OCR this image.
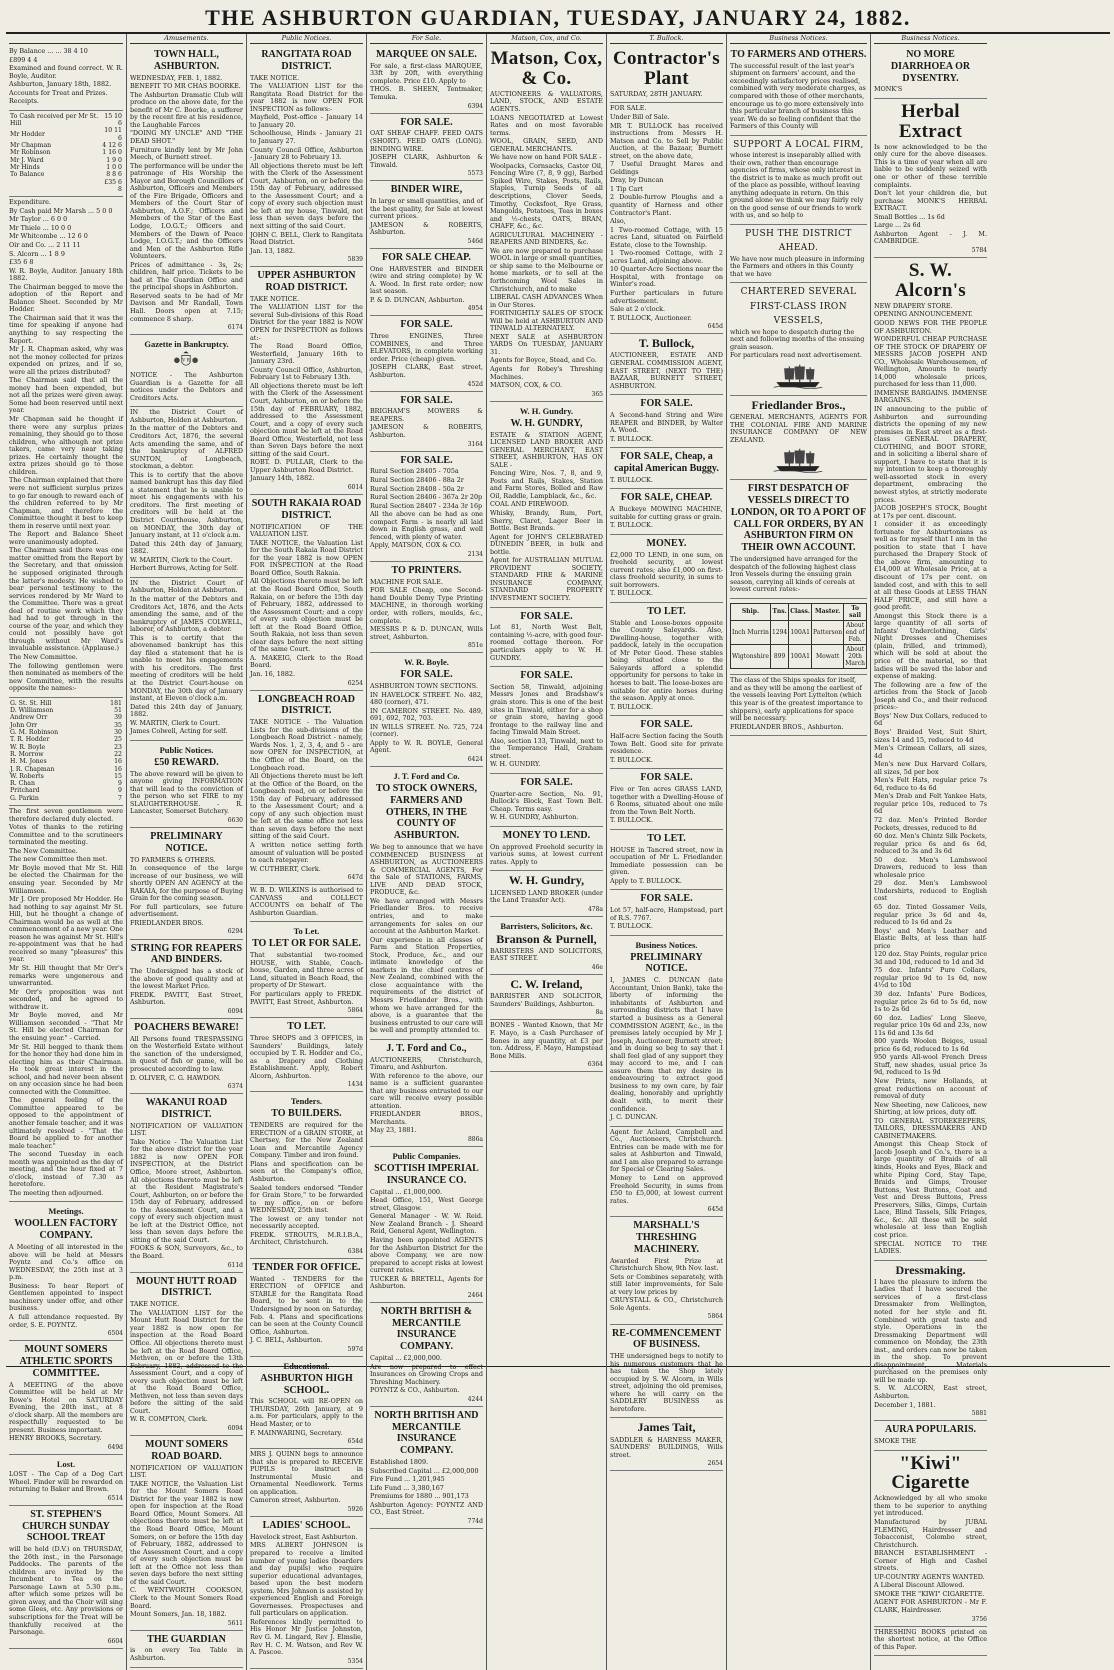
THE ASHBURTON GUARDIAN, TUESDAY, JANUARY 24, 1882.

By Balance ... ... 38 4 10

£899 4 4

Examined and found correct. W. R. Boyle, Auditor.

Ashburton, January 18th, 1882.

Accounts for Treat and Prizes.

Receipts.

To Cash received per Mr St. Hill	15 10 6
Mr Hodder	10 11 6
Mr Chapman	4 12 6
Mr Robinson	1 16 0
Mr J. Ward	1 9 0
Mr Hinds	1 0 0
To Balance	8 8 6
	£35 6 8

Expenditure.

By Cash paid Mr Marsh ... 5 0 0

Mr Taylor ... 6 0 0

Mr Thiele ... 10 0 0

Mr Whitcombe ... 12 6 0

Oir and Co. ... 2 11 11

S. Alcorn ... 1 8 9

£35 6 8

W. R. Boyle, Auditor. January 18th 1882.

The Chairman begged to move the adoption of the Report and Balance Sheet. Seconded by Mr Hodder.

The Chairman said that it was the time for speaking if anyone had anything to say respecting the Report.

Mr J. R. Chapman asked, why was not the money collected for prizes expended on prizes, and if so, were all the prizes distributed?

The Chairman said that all the money had been expended, but not all the prizes were given away. Some had been reserved until next year.

Mr Chapman said he thought if there were any surplus prizes remaining, they should go to those children, who although not prize takers, came very near taking prizes. He certainly thought the extra prizes should go to those children.

The Chairman explained that there were not sufficient surplus prizes to go far enough to reward each of the children referred to by Mr Chapman, and therefore the Committee thought it best to keep them in reserve until next year.

The Report and Balance Sheet were unanimously adopted.

The Chairman said there was one matter omitted from the Report by the Secretary, and that omission he supposed originated through the latter's modesty. He wished to bear personal testimony to the services rendered by Mr Ward to the Committee. There was a great deal of routine work which they had had to get through in the course of the year, and which they could not possibly have got through without Mr Ward's invaluable assistance. (Applause.)

The New Committee.

The following gentlemen were then nominated as members of the new Committee, with the results opposite the names:-

G. St. St. Hill	181
D. Williamson	51
Andrew Orr	39
John Orr	35
G. M. Robinson	30
T. R. Hodder	25
W. R. Boyle	23
R. Morrow	22
H. M. Jones	16
J. R. Chapman	16
W. Roberts	15
R. Chan	9
Pritchard	9
G. Parkin	7

The first seven gentlemen were therefore declared duly elected.

Votes of thanks to the retiring Committee and to the scrutineers terminated the meeting.

The New Committee.

The new Committee then met.

Mr Boyle moved that Mr St. Hill be elected the Chairman for the ensuing year. Seconded by Mr Williamson.

Mr J. Orr proposed Mr Hodder. He had nothing to say against Mr St. Hill, but he thought a change of Chairman would be as well at the commencement of a new year. One reason he was against Mr St. Hill's re-appointment was that he had received so many "pleasures" this year.

Mr St. Hill thought that Mr Orr's remarks were ungenerous and unwarranted.

Mr Orr's proposition was not seconded, and he agreed to withdraw it.

Mr Boyle moved, and Mr Williamson seconded - "That Mr St. Hill be elected Chairman for the ensuing year." - Carried.

Mr St. Hill begged to thank them for the honor they had done him in electing him as their Chairman. He took great interest in the school, and had never been absent on any occasion since he had been connected with the Committee.

The general feeling of the Committee appeared to be opposed to the appointment of another female teacher, and it was ultimately resolved - "That the Board be applied to for another male teacher."

The second Tuesday in each month was appointed as the day of meeting, and the hour fixed at 7 o'clock, instead of 7.30 as heretofore.

The meeting then adjourned.

Meetings.
WOOLLEN FACTORY COMPANY.

A Meeting of all interested in the above will be held at Messrs Poyntz and Co.'s office on WEDNESDAY, the 25th inst at 3 p.m.

Business: To hear Report of Gentlemen appointed to inspect machinery under offer, and other business.

A full attendance requested. By order, S. E. POYNTZ.

6504
MOUNT SOMERS ATHLETIC SPORTS COMMITTEE.

A MEETING of the above Committee will be held at Mr Rowe's Hotel on SATURDAY Evening, the 28th inst., at 8 o'clock sharp. All the members are respectfully requested to be present. Business important.

HENRY BROOKS, Secretary.

649d
Lost.

LOST - The Cap of a Dog Cart Wheel. Finder will be rewarded on returning to Baker and Brown.

6514
ST. STEPHEN'S CHURCH SUNDAY SCHOOL TREAT

will be held (D.V.) on THURSDAY, the 26th inst., in the Parsonage Paddocks. The parents of the children are invited by the Incumbent to Tea on the Parsonage Lawn at 5.30 p.m., after which some prizes will be given away, and the Choir will sing some Glees, etc. Any provisions or subscriptions for the Treat will be thankfully received at the Parsonage.

6604
Amusements.
TOWN HALL, ASHBURTON.

WEDNESDAY, FEB. 1, 1882.

BENEFIT TO MR CHAS BOORKE.

The Ashburton Dramatic Club will produce on the above date, for the benefit of Mr C. Boorke, a sufferer by the recent fire at his residence, the Laughable Farces

"DOING MY UNCLE" AND "THE DEAD SHOT."

Furniture kindly lent by Mr John Meech, of Burnett street.

The performance will be under the patronage of His Worship the Mayor and Borough Councillors of Ashburton, Officers and Members of the Fire Brigade, Officers and Members of the Court Star of Ashburton, A.O.F.; Officers and Members of the Star of the East Lodge, I.O.G.T.; Officers and Members of the Dawn of Peace Lodge, I.O.G.T.; and the Officers and Men of the Ashburton Rifle Volunteers.

Prices of admittance - 3s, 2s; children, half price. Tickets to be had at The Guardian Office and the principal shops in Ashburton.

Reserved seats to be had of Mr Davison and Mr Randall, Town Hall. Doors open at 7.15; commence 8 sharp.

6174
Gazette in Bankruptcy.
V R

NOTICE - The Ashburton Guardian is a Gazette for all notices under the Debtors and Creditors Acts.

IN the District Court of Ashburton, Holden at Ashburton.

In the matter of the Debtors and Creditors Act, 1876, the several Acts amending the same, and of the bankruptcy of ALFRED SUNTON, of Longbeach, stockman, a debtor.

This is to certify that the above named bankrupt has this day filed a statement that he is unable to meet his engagements with his creditors. The first meeting of creditors will be held at the District Courthouse, Ashburton, on MONDAY, the 30th day of January instant, at 11 o'clock a.m.

Dated this 24th day of January, 1882.

W. MARTIN, Clerk to the Court.

Herbert Burrows, Acting for Self.

IN the District Court of Ashburton, Holden at Ashburton.

In the matter of the Debtors and Creditors Act, 1876, and the Acts amending the same, and of the bankruptcy of JAMES COLWELL, laborer, of Ashburton, a debtor.

This is to certify that the abovenamed bankrupt has this day filed a statement that he is unable to meet his engagements with his creditors. The first meeting of creditors will be held at the District Court-house on MONDAY, the 30th day of January instant, at Eleven o'clock a.m.

Dated this 24th day of January, 1882.

W. MARTIN, Clerk to Court.

James Colwell, Acting for self.

Public Notices.
£50 REWARD.

The above reward will be given to anyone giving INFORMATION that will lead to the conviction of the person who set FIRE to my SLAUGHTERHOUSE. - R. Lancaster, Somerset Butchery.

6630
PRELIMINARY NOTICE.

TO FARMERS & OTHERS.

In consequence of the large increase of our business, we will shortly OPEN AN AGENCY at the RAKAIA, for the purpose of Buying Grain for the coming season.

For full particulars, see future advertisement.

FRIEDLANDER BROS.

6294
STRING FOR REAPERS AND BINDERS.

The Undersigned has a stock of the above of good quality and at the lowest Market Price.

FREDK. PAVITT, East Street, Ashburton.

6094
POACHERS BEWARE!

All Persons found TRESPASSING on the Westerfield Estate without the sanction of the undersigned, in quest of fish or game, will be prosecuted according to law.

D. OLIVER, C. G. HAWDON.

6374
WAKANUI ROAD DISTRICT.

NOTIFICATION OF VALUATION LIST.

Take Notice - The Valuation List for the above district for the year 1882 is now OPEN FOR INSPECTION, at the District Office, Moore street, Ashburton. All objections thereto must be left at the Resident Magistrate's Court, Ashburton, on or before the 15th day of February, addressed to the Assessment Court, and a copy of every such objection must be left at the District Office, not less than seven days before the sitting of the said Court.

FOOKS & SON, Surveyors, &c., to the Board.

611d
MOUNT HUTT ROAD DISTRICT.

TAKE NOTICE.

The VALUATION LIST for the Mount Hutt Road District for the year 1882 is now open for inspection at the Road Board Office. All objections thereto must be left at the Road Board Office, Methven, on or before the 13th February, 1882, addressed to the Assessment Court, and a copy of every such objection must be left at the Road Board Office, Methven, not less than seven days before the sitting of the said Court.

W. R. COMPTON, Clerk.

6094
MOUNT SOMERS ROAD BOARD.

NOTIFICATION OF VALUATION LIST.

TAKE NOTICE, the Valuation List for the Mount Somers Road District for the year 1882 is now open for inspection at the Road Board Office, Mount Somers. All objections thereto must be left at the Road Board Office, Mount Somers, on or before the 15th day of February, 1882, addressed to the Assessment Court, and a copy of every such objection must be left at the Office not less than seven days before the next sitting of the said Court.

C. WENTWORTH COOKSON, Clerk to the Mount Somers Road Board.

Mount Somers, Jan. 18, 1882.

5611
THE GUARDIAN

is on every Tea Table in Ashburton.

Public Notices.
RANGITATA ROAD DISTRICT.

TAKE NOTICE.

The VALUATION LIST for the Rangitata Road District for the year 1882 is now OPEN FOR INSPECTION as follows:-

Mayfield, Post-office - January 14 to January 20.

Schoolhouse, Hinds - January 21 to January 27.

County Council Office, Ashburton - January 28 to February 13.

All objections thereto must be left with the Clerk of the Assessment Court, Ashburton, on or before the 15th day of February, addressed to the Assessment Court; and a copy of every such objection must be left at my house, Tinwald, not less than seven days before the next sitting of the said Court.

JOHN C. BELL, Clerk to Rangitata Road District.

Jan. 13, 1882.

5839
UPPER ASHBURTON ROAD DISTRICT.

TAKE NOTICE.

The VALUATION LIST for the several Sub-divisions of this Road District for the year 1882 is NOW OPEN for INSPECTION as follows at:-

The Road Board Office, Westerfield, January 16th to January 23rd.

County Council Office, Ashburton, February 1st to February 13th.

All objections thereto must be left with the Clerk of the Assessment Court, Ashburton, on or before the 15th day of FEBRUARY, 1882, addressed to the Assessment Court, and a copy of every such objection must be left at the Road Board Office, Westerfield, not less than Seven Days before the next sitting of the said Court.

ROBT. D. PULLAR, Clerk to the Upper Ashburton Road District.

January 14th, 1882.

6014
SOUTH RAKAIA ROAD DISTRICT.

NOTIFICATION OF THE VALUATION LIST.

TAKE NOTICE, the Valuation List for the South Rakaia Road District for the year 1882 is now OPEN FOR INSPECTION at the Road Board Office, South Rakaia.

All Objections thereto must be left at the Road Board Office, South Rakaia, on or before the 15th day of February, 1882, addressed to the Assessment Court; and a copy of every such objection must be left at the Road Board Office, South Rakaia, not less than seven clear days before the next sitting of the same Court.

A. MAKEIG, Clerk to the Road Board.

Jan. 16, 1882.

6254
LONGBEACH ROAD DISTRICT.

TAKE NOTICE - The Valuation Lists for the sub-divisions of the Longbeach Road District - namely, Wards Nos. 1, 2, 3, 4, and 5 - are now OPEN for INSPECTION, at the Office of the Board, on the Longbeach road.

All Objections thereto must be left at the Office of the Board, on the Longbeach road, on or before the 15th day of February, addressed to the Assessment Court; and a copy of any such objection must be left at the same office not less than seven days before the next sitting of the said Court.

A written notice setting forth amount of valuation will be posted to each ratepayer.

W. CUTHBERT, Clerk.

647d

W. B. D. WILKINS is authorised to CANVASS and COLLECT ACCOUNTS on behalf of The Ashburton Guardian.

To Let.
TO LET OR FOR SALE.

That substantial two-roomed HOUSE, with Stable, Coach-house, Garden, and three acres of Land, situated in Beach Road, the property of Dr Stewart.

For particulars apply to FREDK. PAVITT, East Street, Ashburton.

5864
TO LET.

Three SHOPS and 3 OFFICES, in Saunders' Buildings, lately occupied by T. R. Hodder and Co., as a Drapery and Clothing Establishment. Apply, Robert Alcorn, Ashburton.

1434
Tenders.
TO BUILDERS.

TENDERS are required for the ERECTION of a GRAIN STORE, at Chertsey, for the New Zealand Loan and Mercantile Agency Company. Timber and iron found.

Plans and specification can be seen at the Company's office, Ashburton.

Sealed tenders endorsed "Tender for Grain Store," to be forwarded to my office, on or before WEDNESDAY, 25th inst.

The lowest or any tender not necessarily accepted.

FREDK. STROUTS, M.R.I.B.A., Architect, Christchurch.

6384
TENDER FOR OFFICE.

Wanted - TENDERS for the ERECTION of OFFICE and STABLE for the Rangitata Road Board, to be sent in to the Undersigned by noon on Saturday, Feb. 4. Plans and specifications can be seen at the County Council Office, Ashburton.

J. C. BELL, Ashburton.

597d
Educational.
ASHBURTON HIGH SCHOOL.

This SCHOOL will RE-OPEN on THURSDAY, 26th January, at 9 a.m. For particulars, apply to the Head Master, or to

F. MAINWARING, Secretary.

654d

MRS J. QUINN begs to announce that she is prepared to RECEIVE PUPILS to instruct in Instrumental Music and Ornamental Needlework. Terms on application.

Cameron street, Ashburton.

5926
LADIES' SCHOOL.

Havelock street, East Ashburton.

MRS ALBERT JOHNSON is prepared to receive a limited number of young ladies (boarders and day pupils) who require superior educational advantages, based upon the best modern system. Mrs Johnson is assisted by experienced English and Foreign Governesses. Prospectuses and full particulars on application.

References kindly permitted to His Honor Mr Justice Johnston, Rev G. M. Lingard, Rev J. Elmslie, Rev H. C. M. Watson, and Rev W. A. Pascoe.

5354
For Sale.
MARQUEE ON SALE.

For sale, a first-class MARQUEE, 33ft by 20ft, with everything complete. Price £10. Apply to

THOS. B. SHEEN, Tentmaker, Temuka.

6394
FOR SALE.

OAT SHEAF CHAFF. FEED OATS (SHORT). FEED OATS (LONG). BINDING WIRE.

JOSEPH CLARK, Ashburton & Tinwald.

5573
BINDER WIRE,

In large or small quantities, and of the best quality, for Sale at lowest current prices.

JAMESON & ROBERTS, Ashburton.

546d
FOR SALE CHEAP.

One HARVESTER and BINDER (wire and string complete) by W. A. Wood. In first rate order; now last season.

P. & D. DUNCAN, Ashburton.

4954
FOR SALE.

Three ENGINES, Three COMBINES, and Three ELEVATORS, in complete working order. Price (cheap) given.

JOSEPH CLARK, East street, Ashburton.

452d
FOR SALE.

BRIGHAM'S MOWERS & REAPERS.

JAMESON & ROBERTS, Ashburton.

3164
FOR SALE.

Rural Section 28405 - 705a

Rural Section 28406 - 88a 2r

Rural Section 28408 - 50a 2r

Rural Section 28406 - 367a 2r 20p

Rural Section 28407 - 234a 3r 16p

All the above can be had as one compact Farm - is nearly all laid down in English grass, and well fenced, with plenty of water.

Apply, MATSON, COX & CO.

2134
TO PRINTERS.

MACHINE FOR SALE.

FOR SALE Cheap, one Second-hand Double Demy Type Printing MACHINE, in thorough working order, with rollers, moulds, &c., complete.

MESSRS P. & D. DUNCAN, Wills street, Ashburton.

851e
W. R. Boyle.
FOR SALE.

ASHBURTON TOWN SECTIONS.

IN HAVELOCK STREET. No. 482, 480 (corner), 471.

IN CAMERON STREET. No. 489, 691, 692, 702, 703.

IN WILLS STREET. No. 725, 724 (corner).

Apply to W. R. BOYLE, General Agent.

6424
J. T. Ford and Co.
TO STOCK OWNERS, FARMERS AND OTHERS, IN THE COUNTY OF ASHBURTON.

We beg to announce that we have COMMENCED BUSINESS at ASHBURTON, as AUCTIONEERS & COMMERCIAL AGENTS, For the Sale of STATIONS, FARMS, LIVE AND DEAD STOCK, PRODUCE, &c.

We have arranged with Messrs Friedlander Bros. to receive entries, and to make arrangements for sales on our account at the Ashburton Market.

Our experience in all classes of Farm and Station Properties, Stock, Produce, &c., and our intimate knowledge of the markets in the chief centres of New Zealand, combined with the close acquaintance with the requirements of the district of Messrs Friedlander Bros., with whom we have arranged for the above, is a guarantee that the business entrusted to our care will be well and promptly attended to.

J. T. Ford and Co.,

AUCTIONEERS, Christchurch, Timaru, and Ashburton.

With reference to the above, our name is a sufficient guarantee that any business entrusted to our care will receive every possible attention.

FRIEDLANDER BROS., Merchants.

May 23, 1881.

886a
Public Companies.
SCOTTISH IMPERIAL INSURANCE CO.

Capital ... £1,000,000.

Head Office, 151, West George street, Glasgow.

General Manager - W. W. Reid. New Zealand Branch - J. Sheard Reid, General Agent, Wellington.

Having been appointed AGENTS for the Ashburton District for the above Company, we are now prepared to accept risks at lowest current rates.

TUCKER & BRETELL, Agents for Ashburton.

2464
NORTH BRITISH & MERCANTILE INSURANCE COMPANY.

Capital ... £2,000,000.

Are now prepared to effect Insurances on Growing Crops and Threshing Machinery.

POYNTZ & CO., Ashburton.

4244
NORTH BRITISH AND MERCANTILE INSURANCE COMPANY.

Established 1809.

Subscribed Capital ... £2,000,000

Fire Fund ... 1,201,945

Life Fund ... 3,380,167

Premiums for 1880 ... 901,173

Ashburton Agency: POYNTZ AND CO., East Street.

774d
Matson, Cox, and Co.
Matson, Cox, & Co.

AUCTIONEERS & VALUATORS, LAND, STOCK, AND ESTATE AGENTS.

LOANS NEGOTIATED at Lowest Rates and on most favorable terms.

WOOL, GRAIN, SEED, AND GENERAL MERCHANTS.

We have now on hand FOR SALE -

Woolpacks, Cornsacks, Castor Oil, Fencing Wire (7, 8, 9 gg), Barbed Spiked Wire, Stakes, Posts, Rails, Staples, Turnip Seeds of all descriptions, Clover Seeds, Timothy, Cocksfoot, Rye Grass, Mangolds, Potatoes, Teas in boxes and ½-chests, OATS, BRAN, CHAFF, &c., &c.

AGRICULTURAL MACHINERY - REAPERS AND BINDERS, &c.

We are now prepared to purchase WOOL in large or small quantities, or ship same to the Melbourne or home markets, or to sell at the forthcoming Wool Sales in Christchurch, and to make

LIBERAL CASH ADVANCES When in Our Stores.

FORTNIGHTLY SALES OF STOCK Will be held at ASHBURTON AND TINWALD ALTERNATELY.

NEXT SALE at ASHBURTON YARDS On TUESDAY, JANUARY 31.

Agents for Boyce, Stead, and Co.

Agents for Robey's Threshing Machines.

MATSON, COX, & CO.

365
W. H. Gundry.
W. H. GUNDRY,

ESTATE & STATION AGENT, LICENSED LAND BROKER AND GENERAL MERCHANT, EAST STREET, ASHBURTON, HAS ON SALE -

Fencing Wire, Nos. 7, 8, and 9, Posts and Rails, Stakes, Station and Farm Stores, Bolled and Raw Oil, Raddle, Lampblack, &c., &c.

COAL AND FIREWOOD.

Whisky, Brandy, Rum, Port, Sherry, Claret, Lager Beer in Bottle. Best Brands.

Agent for JOHN'S CELEBRATED DUNEDIN BEER, in bulk and bottle.

Agent for AUSTRALIAN MUTUAL PROVIDENT SOCIETY, STANDARD FIRE & MARINE INSURANCE COMPANY, STANDARD PROPERTY INVESTMENT SOCIETY.

FOR SALE.

Lot 81, North West Belt, containing ½-acre, with good four-roomed cottage thereon. For particulars apply to W. H. GUNDRY.

FOR SALE.

Section 58, Tinwald, adjoining Messrs Jones and Bradshaw's grain store. This is one of the best sites in Tinwald, either for a shop or grain store, having good frontage to the railway line and facing Tinwald Main Street.

Also, section 133, Tinwald, next to the Temperance Hall, Graham street.

W. H. GUNDRY.

FOR SALE.

Quarter-acre Section, No. 91, Bullock's Block, East Town Belt. Cheap. Terms easy.

W. H. GUNDRY, Ashburton.

MONEY TO LEND.

On approved Freehold security in various sums, at lowest current rates. Apply to

W. H. Gundry,

LICENSED LAND BROKER (under the Land Transfer Act).

478a
Barristers, Solicitors, &c.
Branson & Purnell,

BARRISTERS AND SOLICITORS, EAST STREET.

46e
C. W. Ireland,

BARRISTER AND SOLICITOR, Saunders' Buildings, Ashburton.

8a

BONES - Wanted Known, that Mr F. Mayo, is a Cash Purchaser of Bones in any quantity, at £3 per ton. Address, F. Mayo, Hampstead Bone Mills.

6364
T. Bullock.
Contractor's Plant

SATURDAY, 28TH JANUARY.

FOR SALE.

Under Bill of Sale.

MR T. BULLOCK has received instructions from Messrs H. Matson and Co. to Sell by Public Auction, at the Bazaar, Burnett street, on the above date,

7 Useful Draught Mares and Geldings

Dray, by Duncan

1 Tip Cart

2 Double-furrow Ploughs and a quantity of Harness and other Contractor's Plant.

Also,

1 Two-roomed Cottage, with 15 acres Land, situated on Fairfield Estate, close to the Township.

1 Two-roomed Cottage, with 2 acres Land, adjoining above.

10 Quarter-Acre Sections near the Hospital, with frontage on Winter's road.

Further particulars in future advertisement.

Sale at 2 o'clock.

T. BULLOCK, Auctioneer.

645d
T. Bullock,

AUCTIONEER, ESTATE AND GENERAL COMMISSION AGENT, EAST STREET, (NEXT TO THE) BAZAAR, BURNETT STREET, ASHBURTON.

FOR SALE.

A Second-hand String and Wire REAPER and BINDER, by Walter A. Wood.

T. BULLOCK.

FOR SALE, Cheap, a capital American Buggy.

T. BULLOCK.

FOR SALE, CHEAP.

A Buckeye MOWING MACHINE, suitable for cutting grass or grain.

T. BULLOCK.

MONEY.

£2,000 TO LEND, in one sum, on freehold security, at lowest current rates; also £1,000 on first-class freehold security, in sums to suit borrowers.

T. BULLOCK.

TO LET.

Stable and Loose-boxes opposite the County Saleyards. Also, Dwelling-house, together with paddock, lately in the occupation of Mr Peter Good. These stables being situated close to the Saleyards afford a splendid opportunity for persons to take in horses to bait. The loose-boxes are suitable for entire horses during the season. Apply at once.

T. BULLOCK.

FOR SALE.

Half-acre Section facing the South Town Belt. Good site for private residence.

T. BULLOCK.

FOR SALE.

Five or Ten acres GRASS LAND, together with a Dwelling-House of 6 Rooms, situated about one mile from the Town Belt North.

T. BULLOCK.

TO LET.

HOUSE in Tancred street, now in occupation of Mr L. Friedlander. Immediate possession can be given.

Apply to T. BULLOCK.

FOR SALE.

Lot 57, half-acre, Hampstead, part of R.S. 7767.

T. BULLOCK.

Business Notices.
PRELIMINARY NOTICE.

I, JAMES C. DUNCAN (late Accountant, Union Bank), take the liberty of informing the inhabitants of Ashburton and surrounding districts that I have started a business as a General COMMISSION AGENT, &c., in the premises lately occupied by Mr J. Joseph, Auctioneer, Burnett street; and in doing so beg to say that I shall feel glad of any support they may accord to me, and I can assure them that my desire in endeavouring to extract good business to my own care, by fair dealing, honorably and uprightly dealt with, to merit their confidence.

J. C. DUNCAN.

Agent for Acland, Campbell and Co., Auctioneers, Christchurch. Entries can be made with me for sales at Ashburton and Tinwald, and I am also prepared to arrange for Special or Clearing Sales.

Money to Lend on approved Freehold Security, in sums from £50 to £5,000, at lowest current rates.

645d
MARSHALL'S THRESHING MACHINERY.

Awarded First Prize at Christchurch Show, 9th Nov. last.

Sets or Combines separately, with still later improvements, for Sale at very low prices by

CRUYSTALL & CO., Christchurch Sole Agents.

5864
RE-COMMENCEMENT OF BUSINESS.

THE undersigned begs to notify to his numerous customers that he has taken the Shop lately occupied by S. W. Alcorn, in Wills street, adjoining the old premises, where he will carry on the SADDLERY BUSINESS as heretofore.

James Tait,

SADDLER & HARNESS MAKER, SAUNDERS' BUILDINGS, Wills street.

2654
Business Notices.
TO FARMERS AND OTHERS.

The successful result of the last year's shipment on farmers' account, and the exceedingly satisfactory prices realised, combined with very moderate charges, as compared with those of other merchants, encourage us to go more extensively into this particular branch of business this year. We do so feeling confident that the Farmers of this County will

SUPPORT A LOCAL FIRM,

whose interest is inseparably allied with their own, rather than encourage agencies of firms, whose only interest in the district is to make as much profit out of the place as possible, without leaving anything adequate in return. On this ground alone we think we may fairly rely on the good sense of our friends to work with us, and so help to

PUSH THE DISTRICT AHEAD.

We have now much pleasure in informing the Farmers and others in this County that we have

CHARTERED SEVERAL FIRST-CLASS IRON VESSELS,

which we hope to despatch during the next and following months of the ensuing grain season.

For particulars read next advertisement.

Friedlander Bros.,

GENERAL MERCHANTS, AGENTS FOR THE COLONIAL FIRE AND MARINE INSURANCE COMPANY OF NEW ZEALAND.

FIRST DESPATCH OF VESSELS DIRECT TO LONDON, OR TO A PORT OF CALL FOR ORDERS, BY AN ASHBURTON FIRM ON THEIR OWN ACCOUNT.

The undersigned have arranged for the despatch of the following highest class Iron Vessels during the ensuing grain season, carrying all kinds of cereals at lowest current rates:-

Ship.	Tns.	Class.	Master.	To sail
Inch Murrin	1294	100A1	Patterson	About end of Feb.
Wigtonshire	899	100A1	Mowatt	About 20th March

The class of the Ships speaks for itself, and as they will be among the earliest of the vessels leaving Port Lyttelton (which this year is of the greatest importance to shippers), early applications for space will be necessary.

FRIEDLANDER BROS., Ashburton.

Business Notices.
NO MORE DIARRHOEA OR DYSENTRY.

MONK'S

Herbal Extract

Is now acknowledged to be the only cure for the above diseases. This is a time of year when all are liable to be suddenly seized with one or other of these terrible complaints.

Don't let your children die, but purchase MONK'S HERBAL EXTRACT.

Small Bottles ... 1s 6d

Large ... 2s 6d

Ashburton Agent - J. M. CAMBRIDGE.

5784
S. W. Alcorn's

NEW DRAPERY STORE.

OPENING ANNOUNCEMENT.

GOOD NEWS FOR THE PEOPLE OF ASHBURTON.

WONDERFUL CHEAP PURCHASE OF THE STOCK OF DRAPERY OF MESSRS JACOB JOSEPH AND CO., Wholesale Warehousemen, of Wellington, Amounts to nearly 14,000 wholesale prices, purchased for less than 11,000.

IMMENSE BARGAINS. IMMENSE BARGAINS.

IN announcing to the public of Ashburton and surrounding districts the opening of my new premises in East street as a first-class GENERAL DRAPERY, CLOTHING, and BOOT STORE, and in soliciting a liberal share of support, I have to state that it is my intention to keep a thoroughly well-assorted stock in every department, embracing the newest styles, at strictly moderate prices.

JACOB JOSEPH'S STOCK, Bought at 17s per cent. discount.

I consider it as exceedingly fortunate for Ashburtonians as well as for myself that I am in the position to state that I have purchased the Drapery Stock of the above firm, amounting to £14,000 at Wholesale Price, at a discount of 17s per cent. on landed cost, and with this to sell at all these Goods at LESS THAN HALF PRICE, and still have a good profit.

Amongst this Stock there is a large quantity of all sorts of Infants' Underclothing, Girls' Night Dresses and Chemises (plain, frilled, and trimmed), which will be sold at about the price of the material, so that ladies will be saved the labor and expense of making.

The following are a few of the articles from the Stock of Jacob Joseph and Co., and their reduced prices:-

Boys' New Dux Collars, reduced to 6d

Boys' Braided Vest, Suit Shirt, sizes 14 and 15, reduced to 4d

Men's Crimean Collars, all sizes, 4d

Men's new Dux Harvard Collars, all sizes, 5d per box

Men's Felt Hats, regular price 7s 6d, reduce to 4s 6d

Men's Drab and Felt Yankee Hats, regular price 10s, reduced to 7s 6d

72 doz. Men's Printed Border Pockets, dresses, reduced to 8d

60 doz. Men's Chintz Silk Pockets, regular price 6s and 6s 6d, reduced to 3s and 3s 6d

50 doz. Men's Lambswool Drawers, reduced to less than wholesale price

29 doz. Men's Lambswool Undershirts, reduced to English cost

65 doz. Tinted Gossamer Veils, regular price 3s 6d and 4s, reduced to 1s 6d and 2s

Boys' and Men's Leather and Elastic Belts, at less than half-price

120 doz. Stay Points, regular price 3d and 10d, reduced to 1d and 3d

75 doz. Infants' Pure Collars, regular price 9d to 1s 6d, now 4½d to 10d

39 doz. Infants' Pure Bodices, regular price 2s 6d to 5s 6d, now 1s to 2s 6d

60 doz. Ladies' Long Sleeve, regular price 10s 6d and 23s, now 11s 6d and 13s 6d

800 yards Woolen Beiges, usual price 6s 6d, reduced to 1s 6d

950 yards All-wool French Dress Stuff, new shades, usual price 3s 9d, reduced to 1s 9d

New Prints, new Hollands, at great reductions on account of removal of duty

New Sheeting, new Calicoes, new Shirting, at low prices, duty off.

TO GENERAL STOREKEEPERS, TAILORS, DRESSMAKERS AND CABINETMAKERS.

Amongst this Cheap Stock of Jacob Joseph and Co.'s, there is a large quantity of Braids of all kinds, Hooks and Eyes, Black and white Piping Cord, Stay Tape, Braids and Gimps, Trouser Buttons, Vest Buttons, Coat and Vest and Dress Buttons, Press Preservers, Silks, Gimps, Curtain Lace, Blind Tassels, Silk Fringes, &c., &c. All these will be sold wholesale at less than English cost price.

SPECIAL NOTICE TO THE LADIES.

Dressmaking.

I have the pleasure to inform the Ladies that I have secured the services of a first-class Dressmaker from Wellington, noted for her style and fit. Combined with great taste and style. Operations in the Dressmaking Department will commence on Monday, the 23th inst., and orders can now be taken in the shop. To prevent disappointment, Materials purchased on the premises only will be made up.

S. W. ALCORN, East street, Ashburton.

December 1, 1881.

5881
AURA POPULARIS.

SMOKE THE

"Kiwi" Cigarette

Acknowledged by all who smoke them to be superior to anything yet introduced.

Manufactured by JUBAL FLEMING, Hairdresser and Tobacconist, Colombo street, Christchurch.

BRANCH ESTABLISHMENT - Corner of High and Cashel streets.

UP-COUNTRY AGENTS WANTED.

A Liberal Discount Allowed.

SMOKE THE "KIWI" CIGARETTE.

AGENT FOR ASHBURTON - Mr F. CLARK, Hairdresser.

3756

THRESHING BOOKS printed on the shortest notice, at the Office of this Paper.
